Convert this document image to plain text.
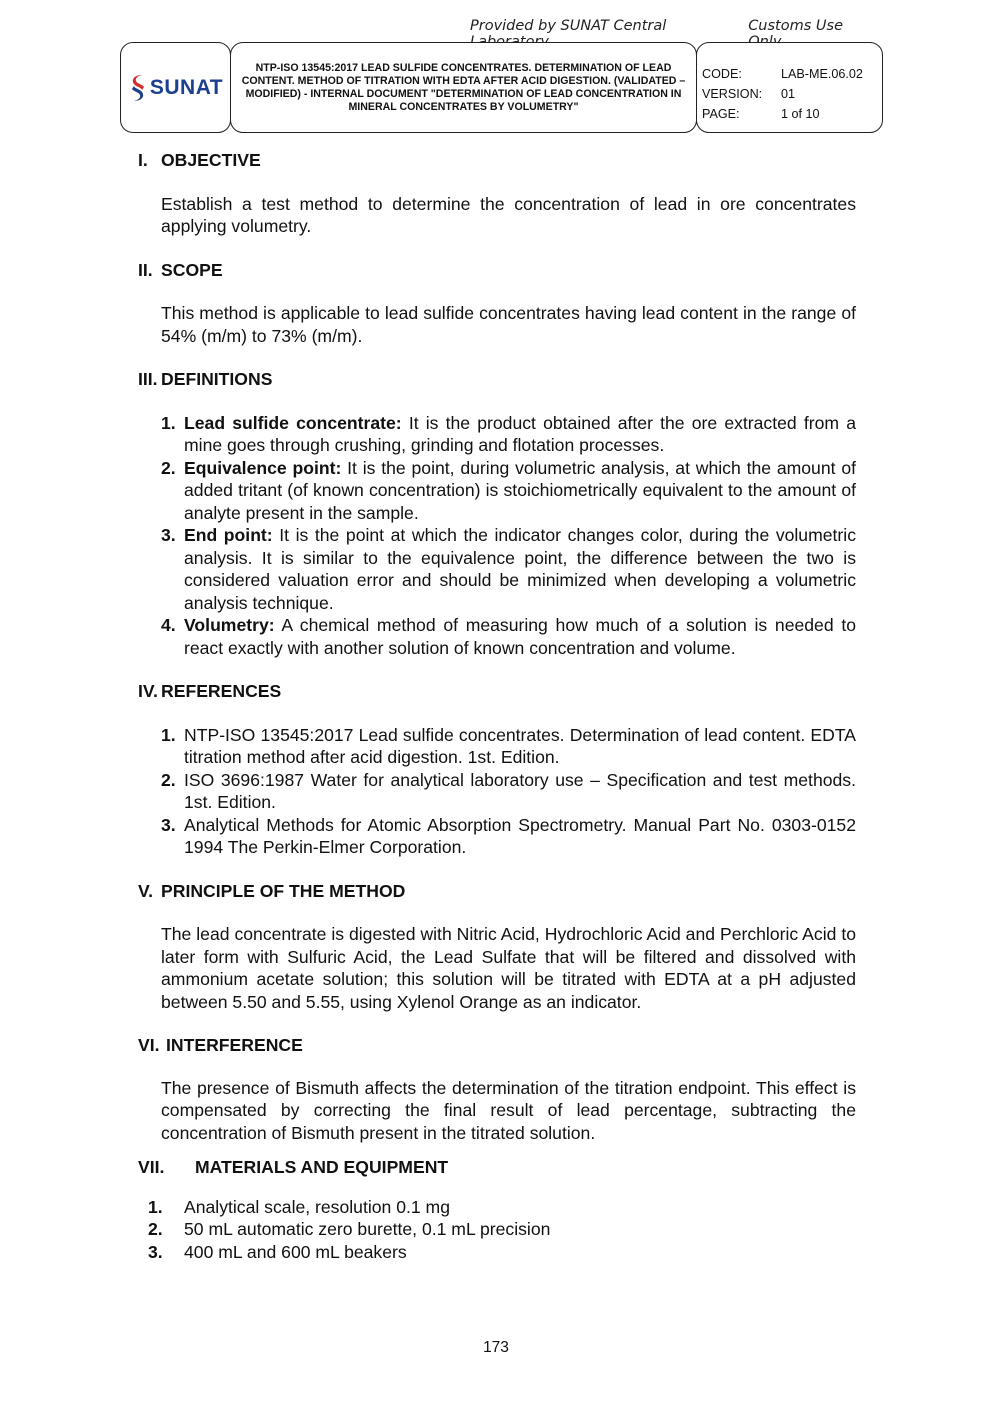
Provided by SUNAT Central	Customs Use
SUNAT
NTP-ISO 13545:2017 LEAD SULFIDE CONCENTRATES. DETERMINATION OF LEAD CONTENT. METHOD OF TITRATION WITH EDTA AFTER ACID DIGESTION. (VALIDATED – MODIFIED) - INTERNAL DOCUMENT "DETERMINATION OF LEAD CONCENTRATION IN MINERAL CONCENTRATES BY VOLUMETRY"
CODE:	LAB-ME.06.02
VERSION:	01
PAGE:	1 of 10
I. OBJECTIVE

Establish a test method to determine the concentration of lead in ore concentrates applying volumetry.

II. SCOPE

This method is applicable to lead sulfide concentrates having lead content in the range of 54% (m/m) to 73% (m/m).

III. DEFINITIONS
1. Lead sulfide concentrate: It is the product obtained after the ore extracted from a mine goes through crushing, grinding and flotation processes.
2. Equivalence point: It is the point, during volumetric analysis, at which the amount of added tritant (of known concentration) is stoichiometrically equivalent to the amount of analyte present in the sample.
3. End point: It is the point at which the indicator changes color, during the volumetric analysis. It is similar to the equivalence point, the difference between the two is considered valuation error and should be minimized when developing a volumetric analysis technique.
4. Volumetry: A chemical method of measuring how much of a solution is needed to react exactly with another solution of known concentration and volume.
IV. REFERENCES
1. NTP-ISO 13545:2017 Lead sulfide concentrates. Determination of lead content. EDTA titration method after acid digestion. 1st. Edition.
2. ISO 3696:1987 Water for analytical laboratory use – Specification and test methods. 1st. Edition.
3. Analytical Methods for Atomic Absorption Spectrometry. Manual Part No. 0303-0152 1994 The Perkin-Elmer Corporation.
V. PRINCIPLE OF THE METHOD

The lead concentrate is digested with Nitric Acid, Hydrochloric Acid and Perchloric Acid to later form with Sulfuric Acid, the Lead Sulfate that will be filtered and dissolved with ammonium acetate solution; this solution will be titrated with EDTA at a pH adjusted between 5.50 and 5.55, using Xylenol Orange as an indicator.

VI. INTERFERENCE

The presence of Bismuth affects the determination of the titration endpoint. This effect is compensated by correcting the final result of lead percentage, subtracting the concentration of Bismuth present in the titrated solution.

VII.	MATERIALS AND EQUIPMENT
1.	Analytical scale, resolution 0.1 mg
2.	50 mL automatic zero burette, 0.1 mL precision
3.	400 mL and 600 mL beakers
173
